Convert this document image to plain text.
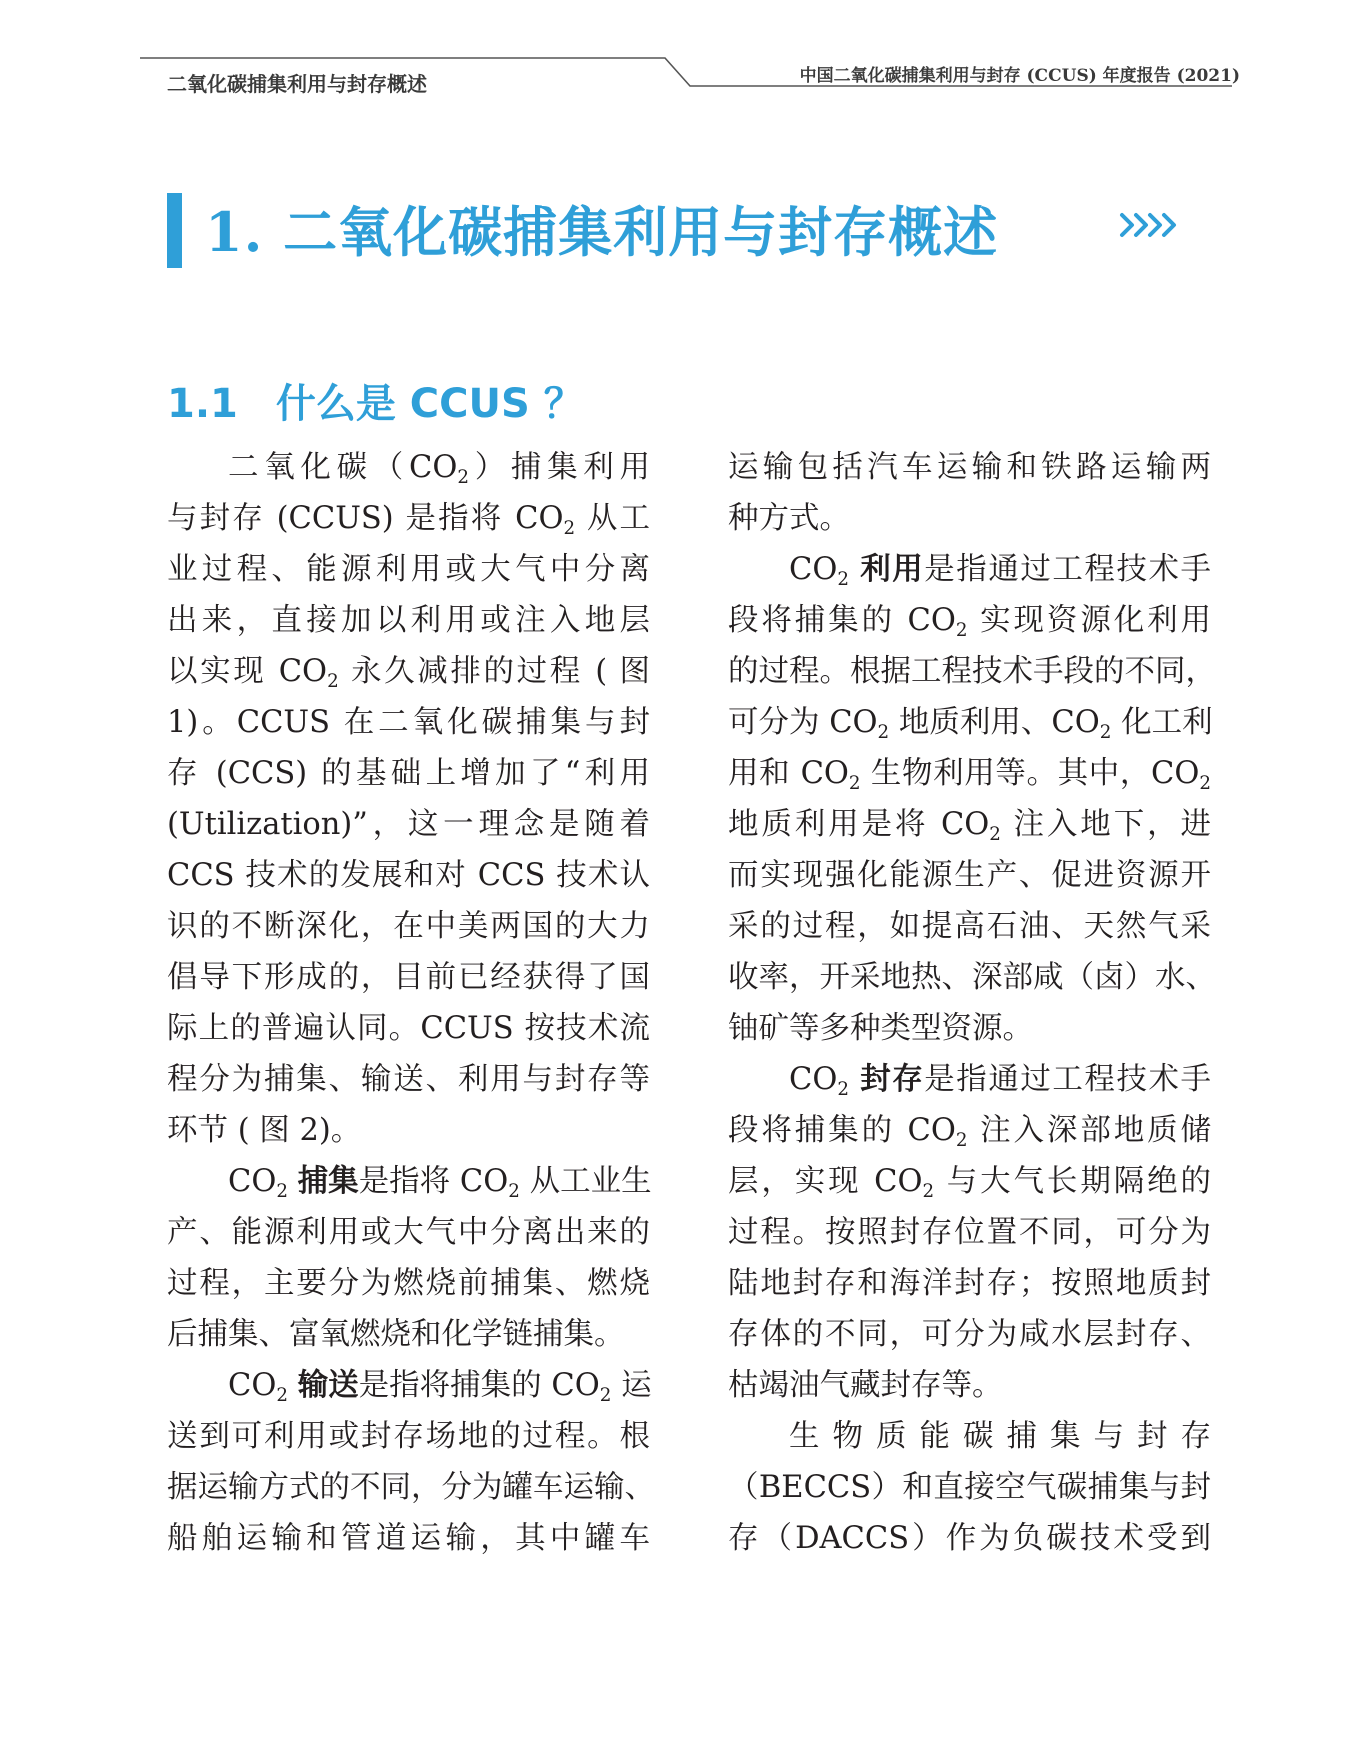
二氧化碳捕集利用与封存概述	中国二氧化碳捕集利用与封存 (CCUS) 年度报告 (2021)
1. 二氧化碳捕集利用与封存概述
1.1 什么是 CCUS ？
二氧化碳$(CO_2)$捕集利用
与封存 (CCUS) 是指将 $CO_2$ 从工
业过程、能源利用或大气中分离
出来，直接加以利用或注入地层
以实现 $CO_2$ 永久减排的过程 ( 图
1)。CCUS 在二氧化碳捕集与封
存 (CCS) 的基础上增加了“利用
(Utilization)”，这一理念是随着
CCS 技术的发展和对 CCS 技术认
识的不断深化，在中美两国的大力
倡导下形成的，目前已经获得了国
际上的普遍认同。CCUS 按技术流
程分为捕集、输送、利用与封存等
环节 ( 图 2)。
$CO_2$ 捕集是指将 $CO_2$ 从工业生
产、能源利用或大气中分离出来的
过程，主要分为燃烧前捕集、燃烧
后捕集、富氧燃烧和化学链捕集。
$CO_2$ 输送是指将捕集的 $CO_2$ 运
送到可利用或封存场地的过程。根
据运输方式的不同，分为罐车运输、
船舶运输和管道运输，其中罐车
运输包括汽车运输和铁路运输两
种方式。
$CO_2$ 利用是指通过工程技术手
段将捕集的 $CO_2$ 实现资源化利用
的过程。根据工程技术手段的不同，
可分为 $CO_2$ 地质利用、$CO_2$ 化工利
用和 $CO_2$ 生物利用等。其中，$CO_2$
地质利用是将 $CO_2$ 注入地下，进
而实现强化能源生产、促进资源开
采的过程，如提高石油、天然气采
收率，开采地热、深部咸（卤）水、
铀矿等多种类型资源。
$CO_2$ 封存是指通过工程技术手
段将捕集的 $CO_2$ 注入深部地质储
层，实现 $CO_2$ 与大气长期隔绝的
过程。按照封存位置不同，可分为
陆地封存和海洋封存；按照地质封
存体的不同，可分为咸水层封存、
枯竭油气藏封存等。
生物质能碳捕集与封存
（BECCS）和直接空气碳捕集与封
存（DACCS）作为负碳技术受到
